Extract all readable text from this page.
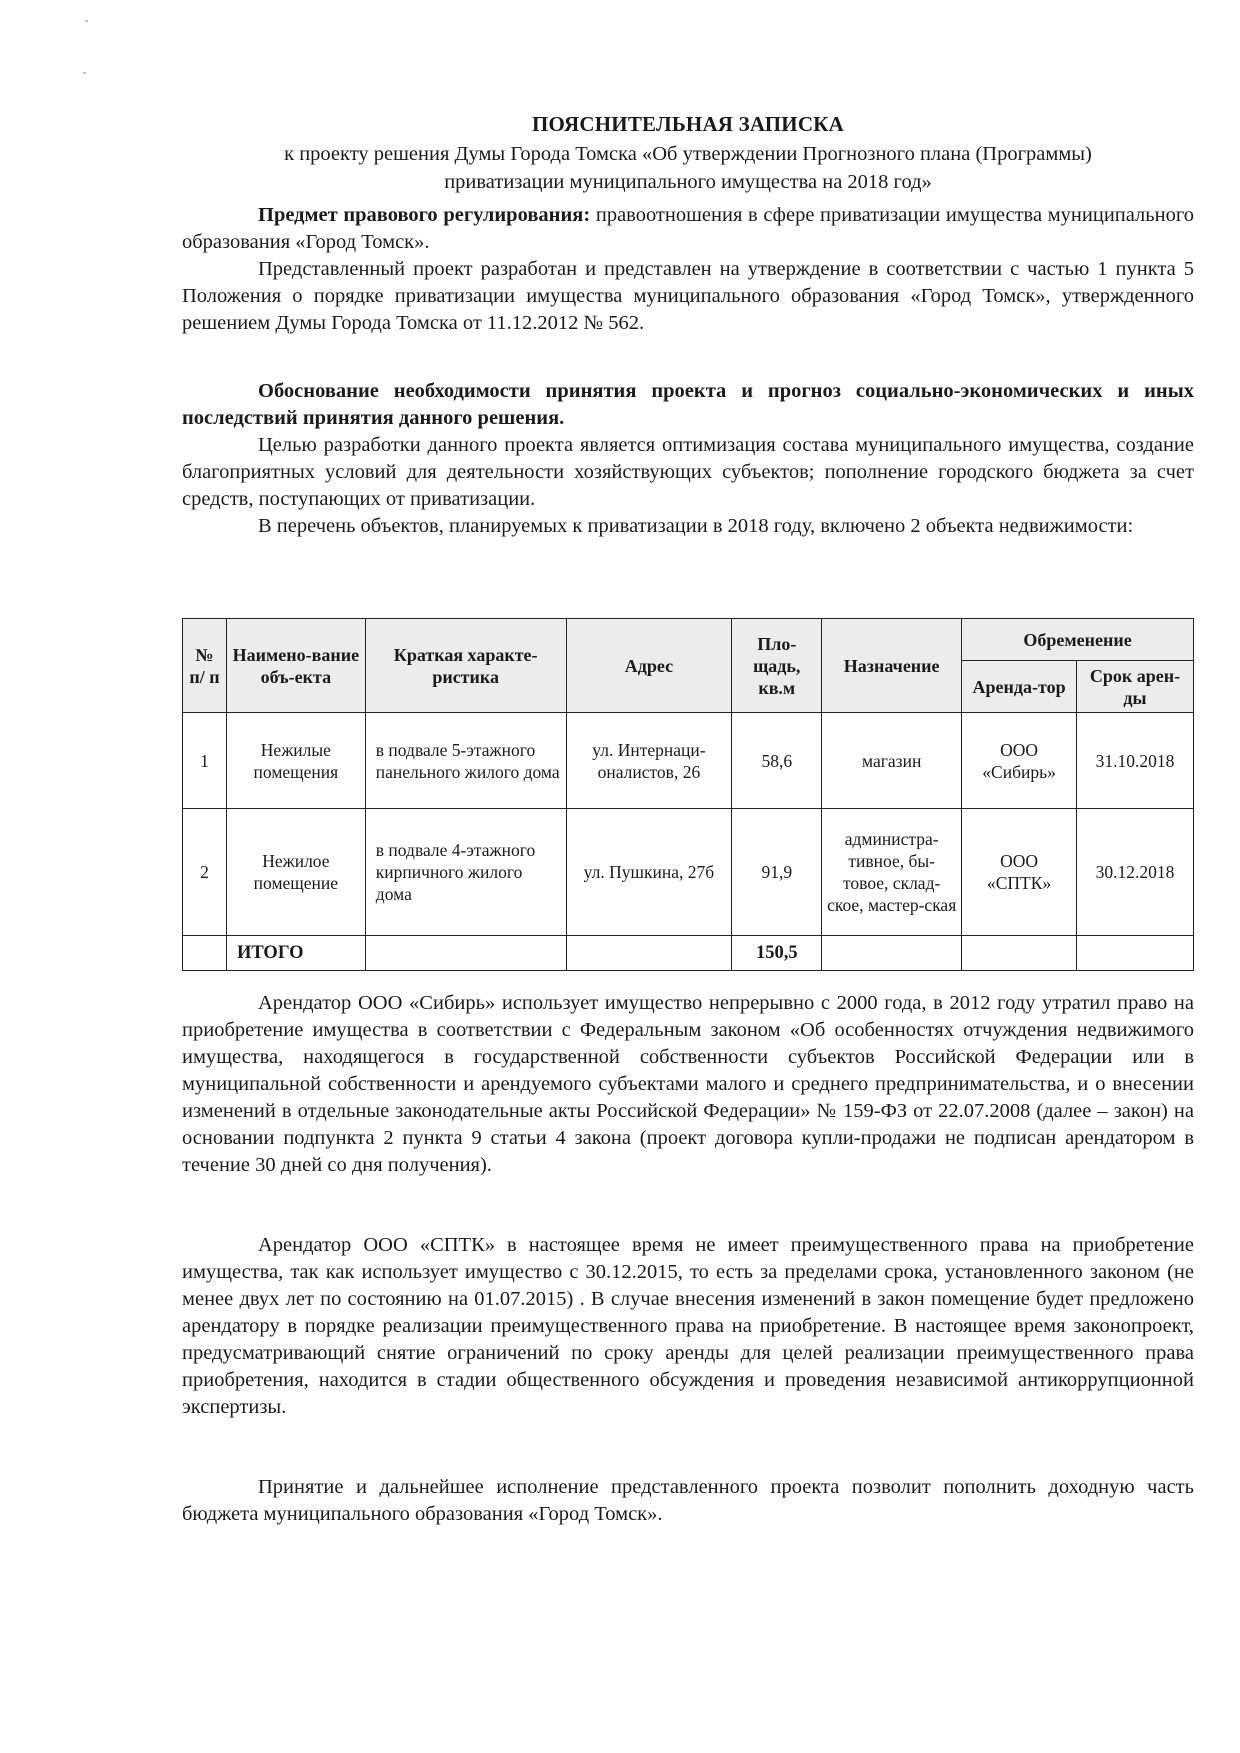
ПОЯСНИТЕЛЬНАЯ ЗАПИСКА
к проекту решения Думы Города Томска «Об утверждении Прогнозного плана (Программы)
приватизации муниципального имущества на 2018 год»

Предмет правового регулирования: правоотношения в сфере приватизации имущества муниципального образования «Город Томск».

Представленный проект разработан и представлен на утверждение в соответствии с частью 1 пункта 5 Положения о порядке приватизации имущества муниципального образования «Город Томск», утвержденного решением Думы Города Томска от 11.12.2012 № 562.

Обоснование необходимости принятия проекта и прогноз социально-экономических и иных последствий принятия данного решения.

Целью разработки данного проекта является оптимизация состава муниципального имущества, создание благоприятных условий для деятельности хозяйствующих субъектов; пополнение городского бюджета за счет средств, поступающих от приватизации.

В перечень объектов, планируемых к приватизации в 2018 году, включено 2 объекта недвижимости:

№ п/ п	Наимено-вание объ-екта	Краткая характе-ристика	Адрес	Пло-щадь, кв.м	Назначение	Обременение	
						Аренда-тор	Срок арен-ды
1	Нежилые помещения	в подвале 5-этажного панельного жилого дома	ул. Интернаци-оналистов, 26	58,6	магазин	ООО «Сибирь»	31.10.2018
2	Нежилое помещение	в подвале 4-этажного кирпичного жилого дома	ул. Пушкина, 27б	91,9	администра-тивное, бы-товое, склад-ское, мастер-ская	ООО «СПТК»	30.12.2018
	ИТОГО			150,5			

Арендатор ООО «Сибирь» использует имущество непрерывно с 2000 года, в 2012 году утратил право на приобретение имущества в соответствии с Федеральным законом «Об особенностях отчуждения недвижимого имущества, находящегося в государственной собственности субъектов Российской Федерации или в муниципальной собственности и арендуемого субъектами малого и среднего предпринимательства, и о внесении изменений в отдельные законодательные акты Российской Федерации» № 159-ФЗ от 22.07.2008 (далее – закон) на основании подпункта 2 пункта 9 статьи 4 закона (проект договора купли-продажи не подписан арендатором в течение 30 дней со дня получения).

Арендатор ООО «СПТК» в настоящее время не имеет преимущественного права на приобретение имущества, так как использует имущество с 30.12.2015, то есть за пределами срока, установленного законом (не менее двух лет по состоянию на 01.07.2015) . В случае внесения изменений в закон помещение будет предложено арендатору в порядке реализации преимущественного права на приобретение. В настоящее время законопроект, предусматривающий снятие ограничений по сроку аренды для целей реализации преимущественного права приобретения, находится в стадии общественного обсуждения и проведения независимой антикоррупционной экспертизы.

Принятие и дальнейшее исполнение представленного проекта позволит пополнить доходную часть бюджета муниципального образования «Город Томск».
